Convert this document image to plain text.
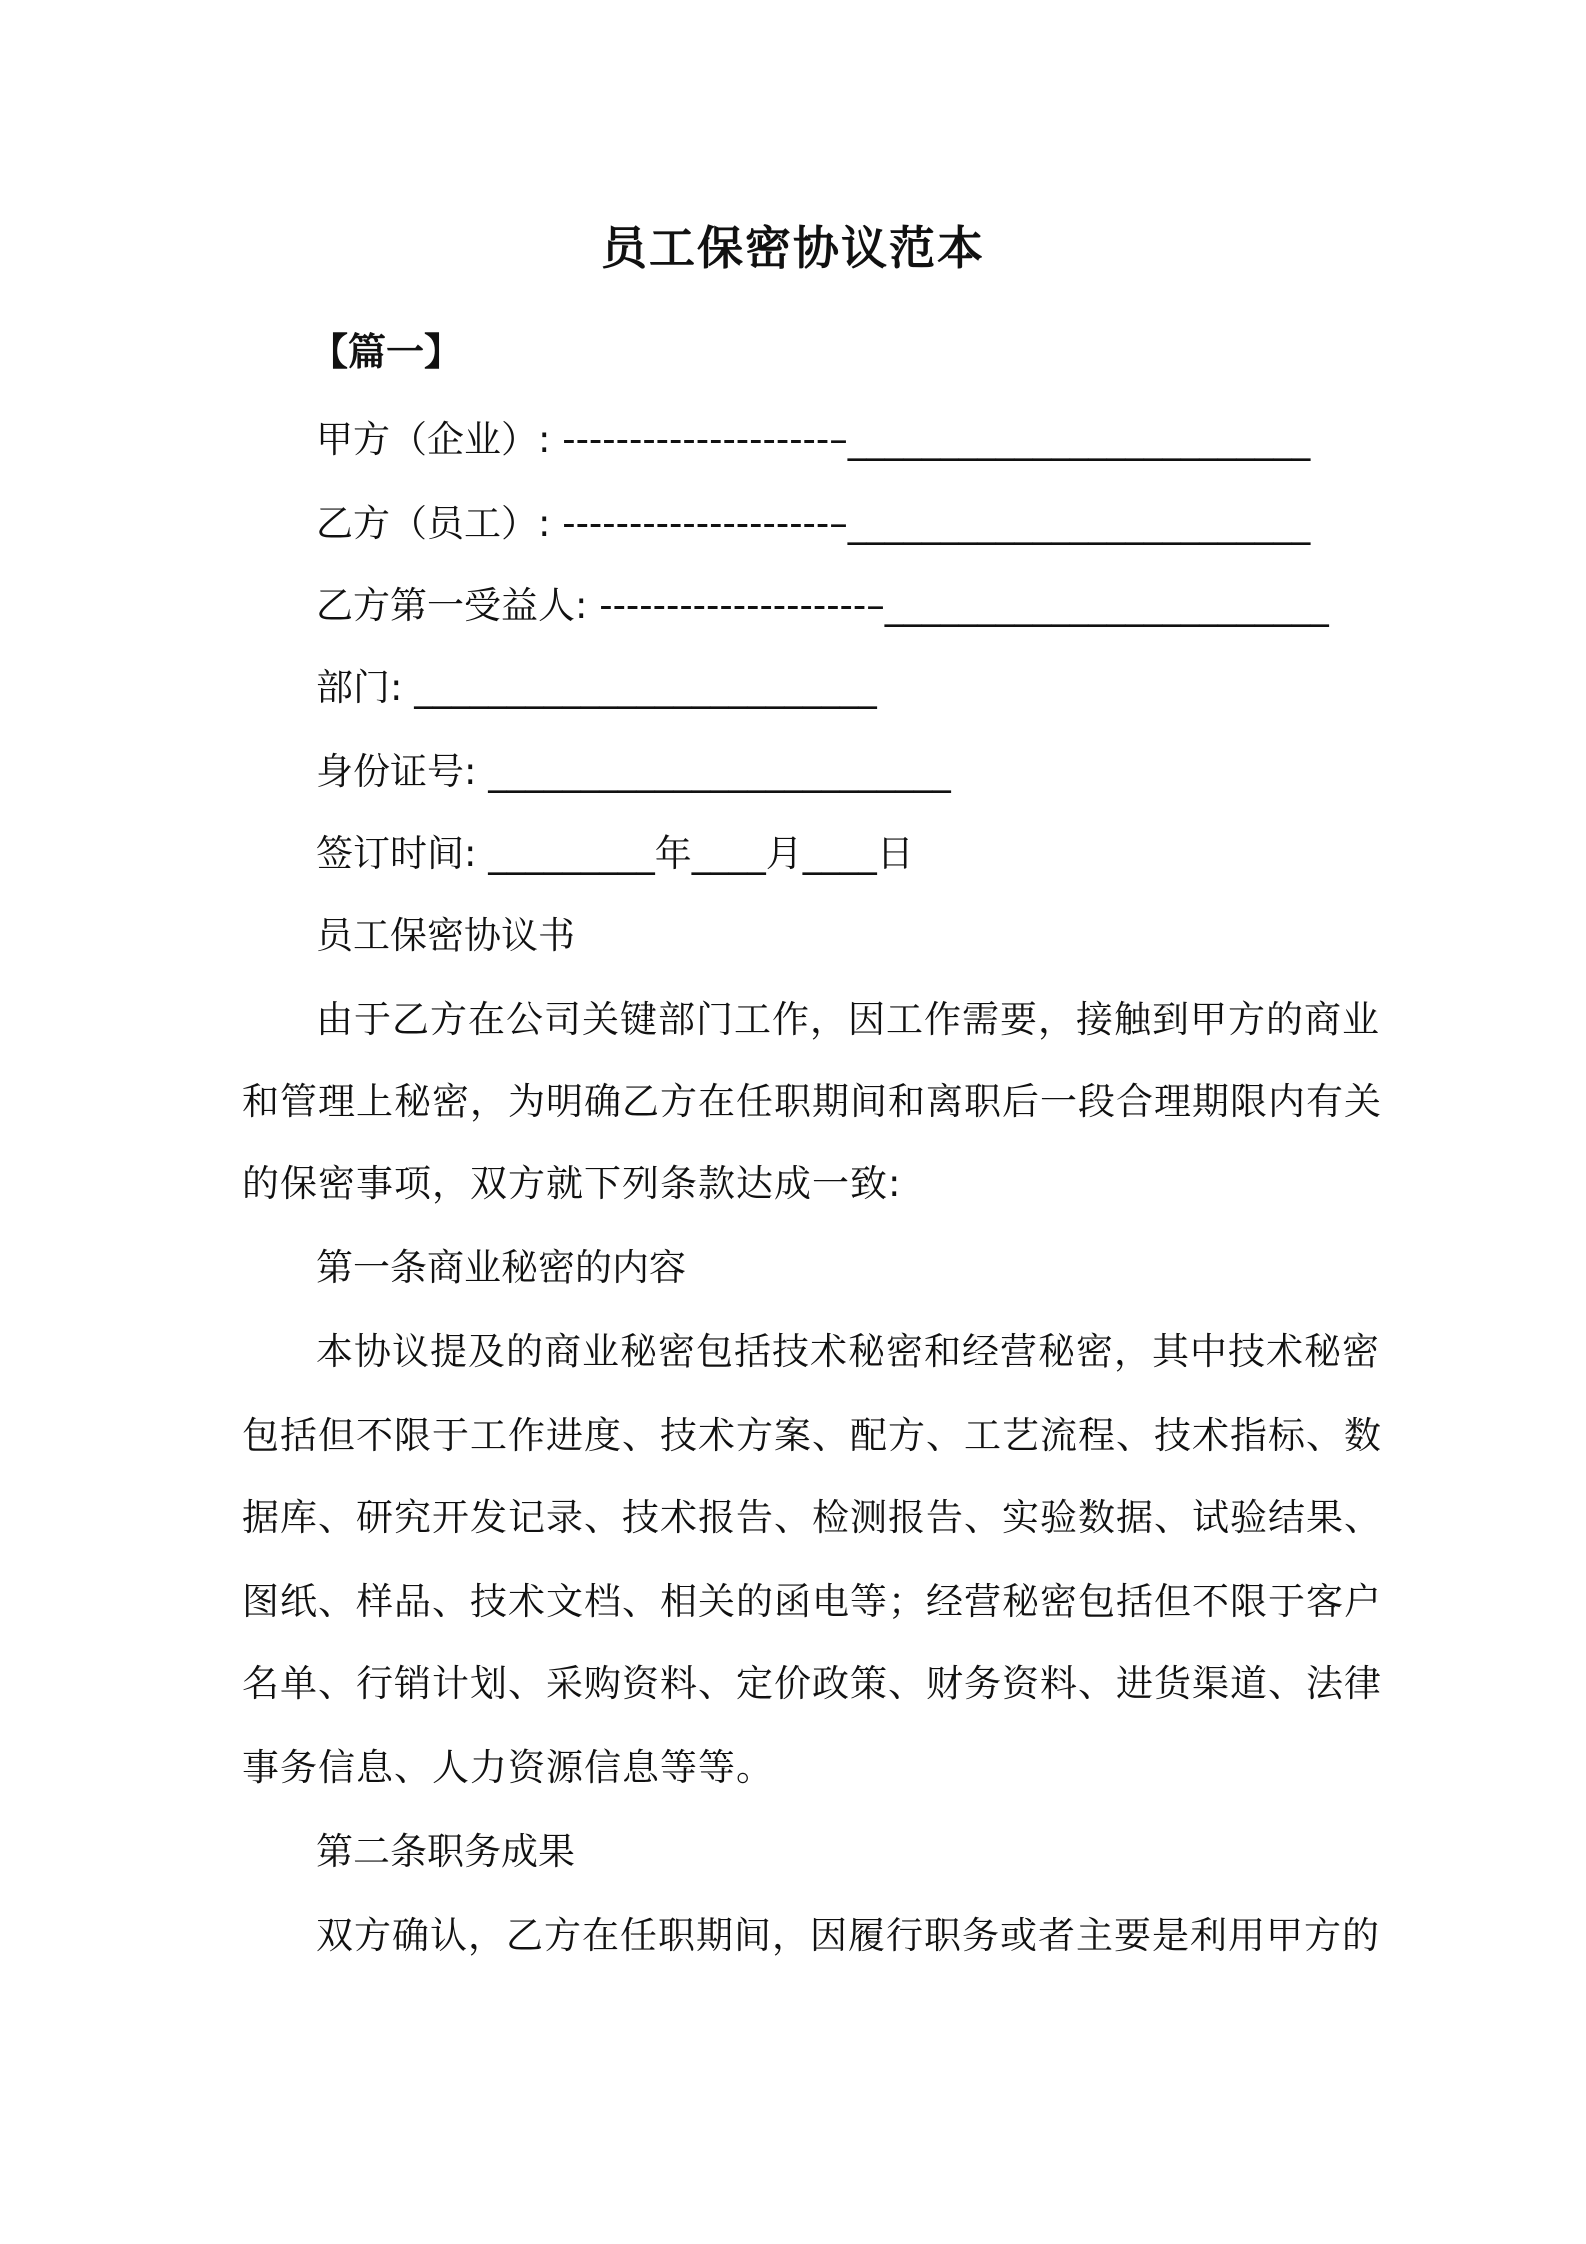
员工保密协议范本

【篇一】

甲方（企业）: --------------------–_________________________

乙方（员工）: --------------------–_________________________

乙方第一受益人: --------------------–________________________

部门: _________________________

身份证号: _________________________

签订时间: _________年____月____日

员工保密协议书

由于乙方在公司关键部门工作，因工作需要，接触到甲方的商业

和管理上秘密，为明确乙方在任职期间和离职后一段合理期限内有关

的保密事项，双方就下列条款达成一致:

第一条商业秘密的内容

本协议提及的商业秘密包括技术秘密和经营秘密，其中技术秘密

包括但不限于工作进度、技术方案、配方、工艺流程、技术指标、数

据库、研究开发记录、技术报告、检测报告、实验数据、试验结果、

图纸、样品、技术文档、相关的函电等；经营秘密包括但不限于客户

名单、行销计划、采购资料、定价政策、财务资料、进货渠道、法律

事务信息、人力资源信息等等。

第二条职务成果

双方确认，乙方在任职期间，因履行职务或者主要是利用甲方的
